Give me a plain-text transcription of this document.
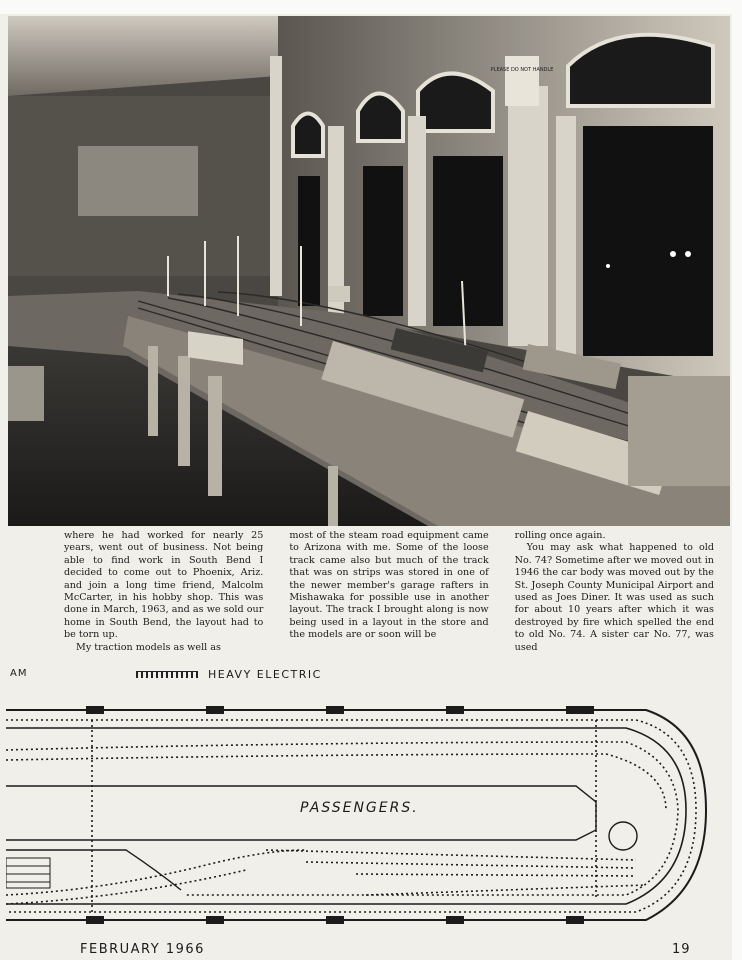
PLEASE DO NOT HANDLE

where he had worked for nearly 25 years, went out of business. Not being able to find work in South Bend I decided to come out to Phoenix, Ariz. and join a long time friend, Malcolm McCarter, in his hobby shop. This was done in March, 1963, and as we sold our home in South Bend, the layout had to be torn up.

My traction models as well as

most of the steam road equipment came to Arizona with me. Some of the loose track came also but much of the track that was on strips was stored in one of the newer member's garage rafters in Mishawaka for possible use in another layout. The track I brought along is now being used in a layout in the store and the models are or soon will be

rolling once again.

You may ask what happened to old No. 74? Sometime after we moved out in 1946 the car body was moved out by the St. Joseph County Municipal Airport and used as Joes Diner. It was used as such for about 10 years after which it was destroyed by fire which spelled the end to old No. 74. A sister car No. 77, was used

AM	HEAVY ELECTRIC
PASSENGERS.
FEBRUARY 1966	19
